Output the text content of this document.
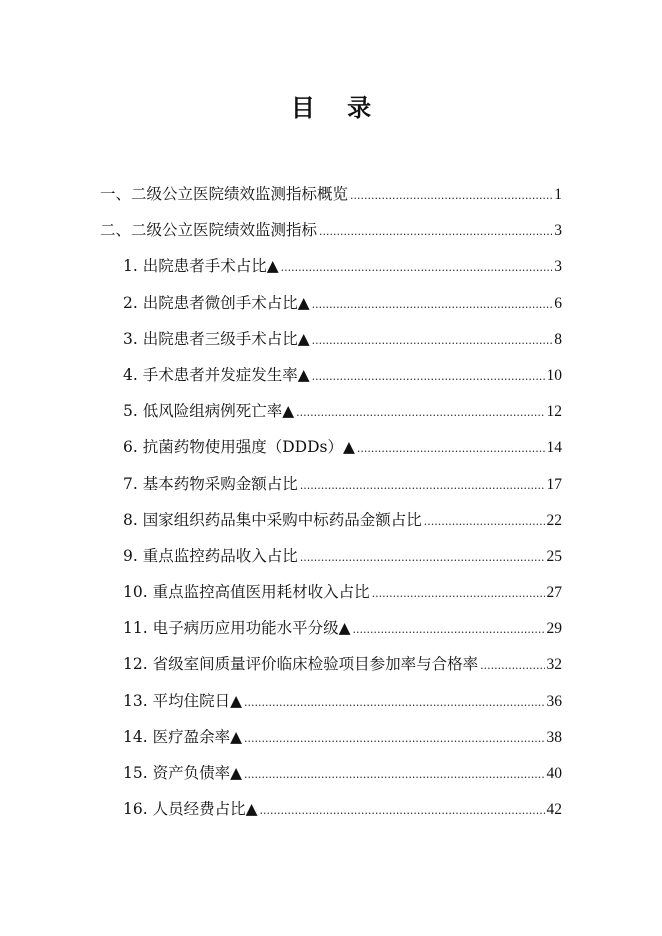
目 录
一、二级公立医院绩效监测指标概览 .....	1
二、二级公立医院绩效监测指标 .....	3
1. 出院患者手术占比▲ .....	3
2. 出院患者微创手术占比▲ .....	6
3. 出院患者三级手术占比▲ .....	8
4. 手术患者并发症发生率▲ .....	10
5. 低风险组病例死亡率▲ .....	12
6. 抗菌药物使用强度（DDDs）▲ .....	14
7. 基本药物采购金额占比 .....	17
8. 国家组织药品集中采购中标药品金额占比 .....	22
9. 重点监控药品收入占比 .....	25
10. 重点监控高值医用耗材收入占比 .....	27
11. 电子病历应用功能水平分级▲ .....	29
12. 省级室间质量评价临床检验项目参加率与合格率 .....	32
13. 平均住院日▲ .....	36
14. 医疗盈余率▲ .....	38
15. 资产负债率▲ .....	40
16. 人员经费占比▲ .....	42
